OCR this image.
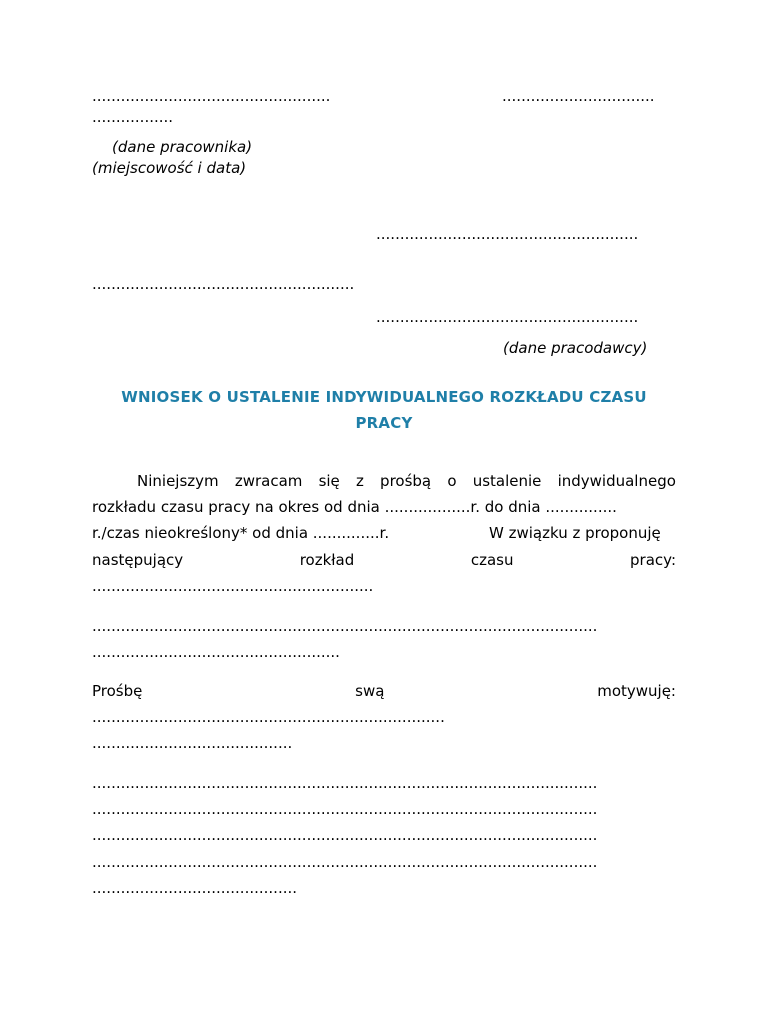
..................................................	................................
.................
(dane pracownika)
(miejscowość i data)
.......................................................
.......................................................
.......................................................
(dane pracodawcy)
WNIOSEK O USTALENIE INDYWIDUALNEGO ROZKŁADU CZASU
PRACY
Niniejszym zwracam się z prośbą o ustalenie indywidualnego
rozkładu czasu pracy na okres od dnia ..................r. do dnia ...............
r./czas nieokreślony* od dnia ..............r.	W związku z proponuję
następujący	rozkład	czasu	pracy:
...........................................................
..........................................................................................................
....................................................
Prośbę	swą	motywuję:
..........................................................................
..........................................
..........................................................................................................
..........................................................................................................
..........................................................................................................
..........................................................................................................
...........................................
